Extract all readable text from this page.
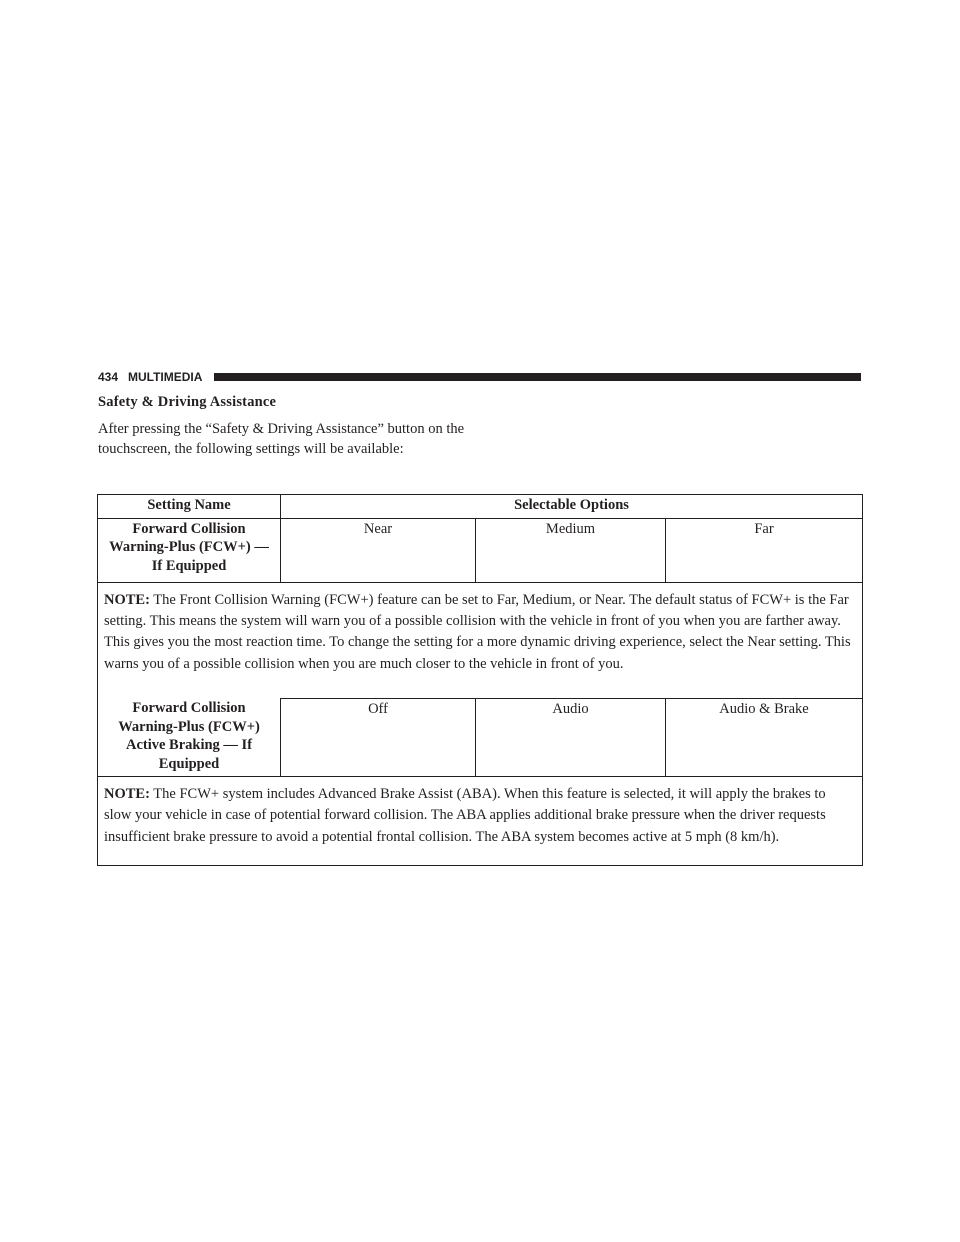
434 MULTIMEDIA
Safety & Driving Assistance
After pressing the “Safety & Driving Assistance” button on the touchscreen, the following settings will be available:
Setting Name	Selectable Options		
Forward Collision Warning-Plus (FCW+) — If Equipped	Near	Medium	Far
NOTE: The Front Collision Warning (FCW+) feature can be set to Far, Medium, or Near. The default status of FCW+ is the Far setting. This means the system will warn you of a possible collision with the vehicle in front of you when you are farther away. This gives you the most reaction time. To change the setting for a more dynamic driving experience, select the Near setting. This warns you of a possible collision when you are much closer to the vehicle in front of you.			
Forward Collision Warning-Plus (FCW+) Active Braking — If Equipped	Off	Audio	Audio & Brake
NOTE: The FCW+ system includes Advanced Brake Assist (ABA). When this feature is selected, it will apply the brakes to slow your vehicle in case of potential forward collision. The ABA applies additional brake pressure when the driver requests insufficient brake pressure to avoid a potential frontal collision. The ABA system becomes active at 5 mph (8 km/h).			
